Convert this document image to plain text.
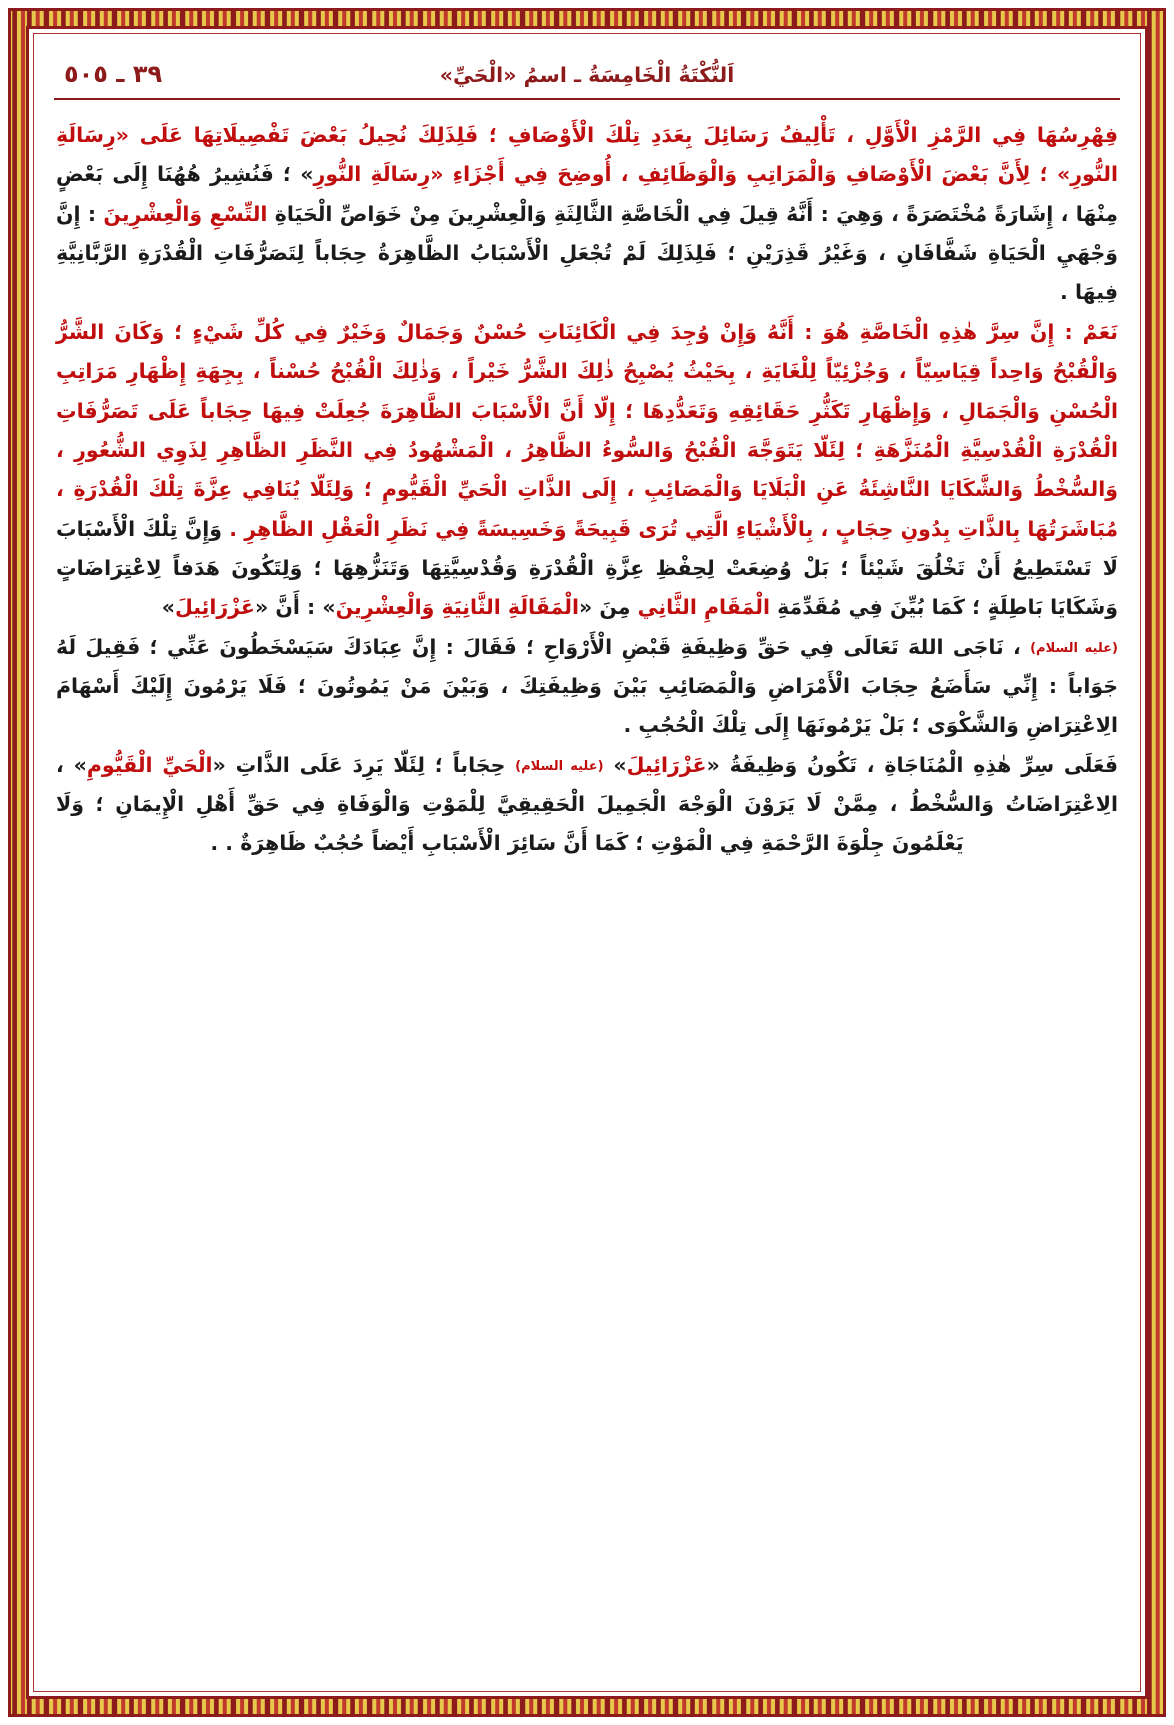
٣٩ ـ ٥٠٥	اَلنُّكْتَةُ الْخَامِسَةُ ـ اسمُ «الْحَيِّ»

فِهْرِسُهَا فِي الرَّمْزِ الْأَوَّلِ ، تَأْلِيفُ رَسَائِلَ بِعَدَدِ تِلْكَ الْأَوْصَافِ ؛ فَلِذَلِكَ نُحِيلُ بَعْضَ تَفْصِيلَاتِهَا عَلَى «رِسَالَةِ النُّورِ» ؛ لِأَنَّ بَعْضَ الْأَوْصَافِ وَالْمَرَاتِبِ وَالْوَظَائِفِ ، أُوضِحَ فِي أَجْزَاءِ «رِسَالَةِ النُّورِ» ؛ فَنُشِيرُ هُهُنَا إِلَى بَعْضٍ مِنْهَا ، إِشَارَةً مُخْتَصَرَةً ، وَهِيَ : أَنَّهُ قِيلَ فِي الْخَاصَّةِ الثَّالِثَةِ وَالْعِشْرِينَ مِنْ خَوَاصِّ الْحَيَاةِ التِّسْعِ وَالْعِشْرِينَ : إِنَّ وَجْهَيِ الْحَيَاةِ شَفَّافَانِ ، وَغَيْرُ قَذِرَيْنِ ؛ فَلِذَلِكَ لَمْ تُجْعَلِ الْأَسْبَابُ الظَّاهِرَةُ حِجَاباً لِتَصَرُّفَاتِ الْقُدْرَةِ الرَّبَّانِيَّةِ فِيهَا .

نَعَمْ : إِنَّ سِرَّ هٰذِهِ الْخَاصَّةِ هُوَ : أَنَّهُ وَإِنْ وُجِدَ فِي الْكَائِنَاتِ حُسْنٌ وَجَمَالٌ وَخَيْرٌ فِي كُلِّ شَيْءٍ ؛ وَكَانَ الشَّرُّ وَالْقُبْحُ وَاحِداً قِيَاسِيّاً ، وَجُزْئِيّاً لِلْغَايَةِ ، بِحَيْثُ يُصْبِحُ ذٰلِكَ الشَّرُّ خَيْراً ، وَذٰلِكَ الْقُبْحُ حُسْناً ، بِجِهَةِ إِظْهَارِ مَرَاتِبِ الْحُسْنِ وَالْجَمَالِ ، وَإِظْهَارِ تَكَثُّرِ حَقَائِقِهِ وَتَعَدُّدِهَا ؛ إِلّا أَنَّ الْأَسْبَابَ الظَّاهِرَةَ جُعِلَتْ فِيهَا حِجَاباً عَلَى تَصَرُّفَاتِ الْقُدْرَةِ الْقُدْسِيَّةِ الْمُنَزَّهَةِ ؛ لِئَلّا يَتَوَجَّهَ الْقُبْحُ وَالسُّوءُ الظَّاهِرُ ، الْمَشْهُودُ فِي النَّظَرِ الظَّاهِرِ لِذَوِي الشُّعُورِ ، وَالسُّخْطُ وَالشَّكَايَا النَّاشِئَةُ عَنِ الْبَلَايَا وَالْمَصَائِبِ ، إِلَى الذَّاتِ الْحَيِّ الْقَيُّومِ ؛ وَلِئَلّا يُنَافِي عِزَّةَ تِلْكَ الْقُدْرَةِ ، مُبَاشَرَتُهَا بِالذَّاتِ بِدُونِ حِجَابٍ ، بِالْأَشْيَاءِ الَّتِي تُرَى قَبِيحَةً وَخَسِيسَةً فِي نَظَرِ الْعَقْلِ الظَّاهِرِ . وَإِنَّ تِلْكَ الْأَسْبَابَ لَا تَسْتَطِيعُ أَنْ تَخْلُقَ شَيْئاً ؛ بَلْ وُضِعَتْ لِحِفْظِ عِزَّةِ الْقُدْرَةِ وَقُدْسِيَّتِهَا وَتَنَزُّهِهَا ؛ وَلِتَكُونَ هَدَفاً لِاعْتِرَاضَاتٍ وَشَكَايَا بَاطِلَةٍ ؛ كَمَا بُيِّنَ فِي مُقَدِّمَةِ الْمَقَامِ الثَّانِي مِنَ «الْمَقَالَةِ الثَّانِيَةِ وَالْعِشْرِينَ» : أَنَّ «عَزْرَائِيلَ»

(عليه السلام) ، نَاجَى اللهَ تَعَالَى فِي حَقِّ وَظِيفَةِ قَبْضِ الْأَرْوَاحِ ؛ فَقَالَ : إِنَّ عِبَادَكَ سَيَسْخَطُونَ عَنِّي ؛ فَقِيلَ لَهُ جَوَاباً : إِنِّي سَأَضَعُ حِجَابَ الْأَمْرَاضِ وَالْمَصَائِبِ بَيْنَ وَظِيفَتِكَ ، وَبَيْنَ مَنْ يَمُوتُونَ ؛ فَلَا يَرْمُونَ إِلَيْكَ أَسْهَامَ الِاعْتِرَاضِ وَالشَّكْوَى ؛ بَلْ يَرْمُونَهَا إِلَى تِلْكَ الْحُجُبِ .

فَعَلَى سِرِّ هٰذِهِ الْمُنَاجَاةِ ، تَكُونُ وَظِيفَةُ «عَزْرَائِيلَ» (عليه السلام) حِجَاباً ؛ لِئَلّا يَرِدَ عَلَى الذَّاتِ «الْحَيِّ الْقَيُّومِ» ، الِاعْتِرَاضَاتُ وَالسُّخْطُ ، مِمَّنْ لَا يَرَوْنَ الْوَجْهَ الْجَمِيلَ الْحَقِيقِيَّ لِلْمَوْتِ وَالْوَفَاةِ فِي حَقِّ أَهْلِ الْإِيمَانِ ؛ وَلَا يَعْلَمُونَ جِلْوَةَ الرَّحْمَةِ فِي الْمَوْتِ ؛ كَمَا أَنَّ سَائِرَ الْأَسْبَابِ أَيْضاً حُجُبٌ ظَاهِرَةٌ . .
